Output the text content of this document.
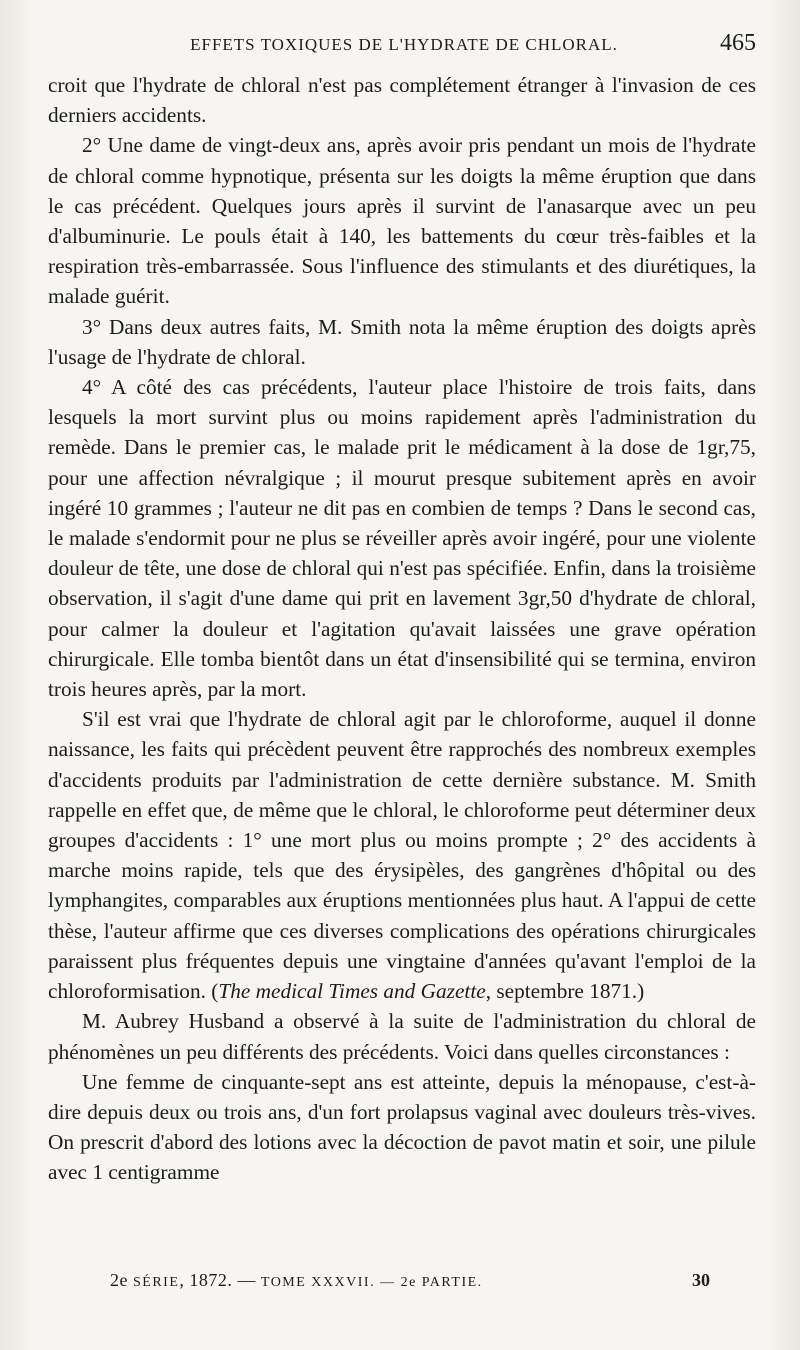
EFFETS TOXIQUES DE L'HYDRATE DE CHLORAL.	465

croit que l'hydrate de chloral n'est pas complétement étranger à l'invasion de ces derniers accidents.

2° Une dame de vingt-deux ans, après avoir pris pendant un mois de l'hydrate de chloral comme hypnotique, présenta sur les doigts la même éruption que dans le cas précédent. Quelques jours après il survint de l'anasarque avec un peu d'albuminurie. Le pouls était à 140, les battements du cœur très-faibles et la respiration très-embarrassée. Sous l'influence des stimulants et des diurétiques, la malade guérit.

3° Dans deux autres faits, M. Smith nota la même éruption des doigts après l'usage de l'hydrate de chloral.

4° A côté des cas précédents, l'auteur place l'histoire de trois faits, dans lesquels la mort survint plus ou moins rapidement après l'administration du remède. Dans le premier cas, le malade prit le médicament à la dose de 1gr,75, pour une affection névralgique ; il mourut presque subitement après en avoir ingéré 10 grammes ; l'auteur ne dit pas en combien de temps ? Dans le second cas, le malade s'endormit pour ne plus se réveiller après avoir ingéré, pour une violente douleur de tête, une dose de chloral qui n'est pas spécifiée. Enfin, dans la troisième observation, il s'agit d'une dame qui prit en lavement 3gr,50 d'hydrate de chloral, pour calmer la douleur et l'agitation qu'avait laissées une grave opération chirurgicale. Elle tomba bientôt dans un état d'insensibilité qui se termina, environ trois heures après, par la mort.

S'il est vrai que l'hydrate de chloral agit par le chloroforme, auquel il donne naissance, les faits qui précèdent peuvent être rapprochés des nombreux exemples d'accidents produits par l'administration de cette dernière substance. M. Smith rappelle en effet que, de même que le chloral, le chloroforme peut déterminer deux groupes d'accidents : 1° une mort plus ou moins prompte ; 2° des accidents à marche moins rapide, tels que des érysipèles, des gangrènes d'hôpital ou des lymphangites, comparables aux éruptions mentionnées plus haut. A l'appui de cette thèse, l'auteur affirme que ces diverses complications des opérations chirurgicales paraissent plus fréquentes depuis une vingtaine d'années qu'avant l'emploi de la chloroformisation. (The medical Times and Gazette, septembre 1871.)

M. Aubrey Husband a observé à la suite de l'administration du chloral de phénomènes un peu différents des précédents. Voici dans quelles circonstances :

Une femme de cinquante-sept ans est atteinte, depuis la ménopause, c'est-à-dire depuis deux ou trois ans, d'un fort prolapsus vaginal avec douleurs très-vives. On prescrit d'abord des lotions avec la décoction de pavot matin et soir, une pilule avec 1 centigramme

2e SÉRIE, 1872. — TOME XXXVII. — 2e PARTIE.	30
